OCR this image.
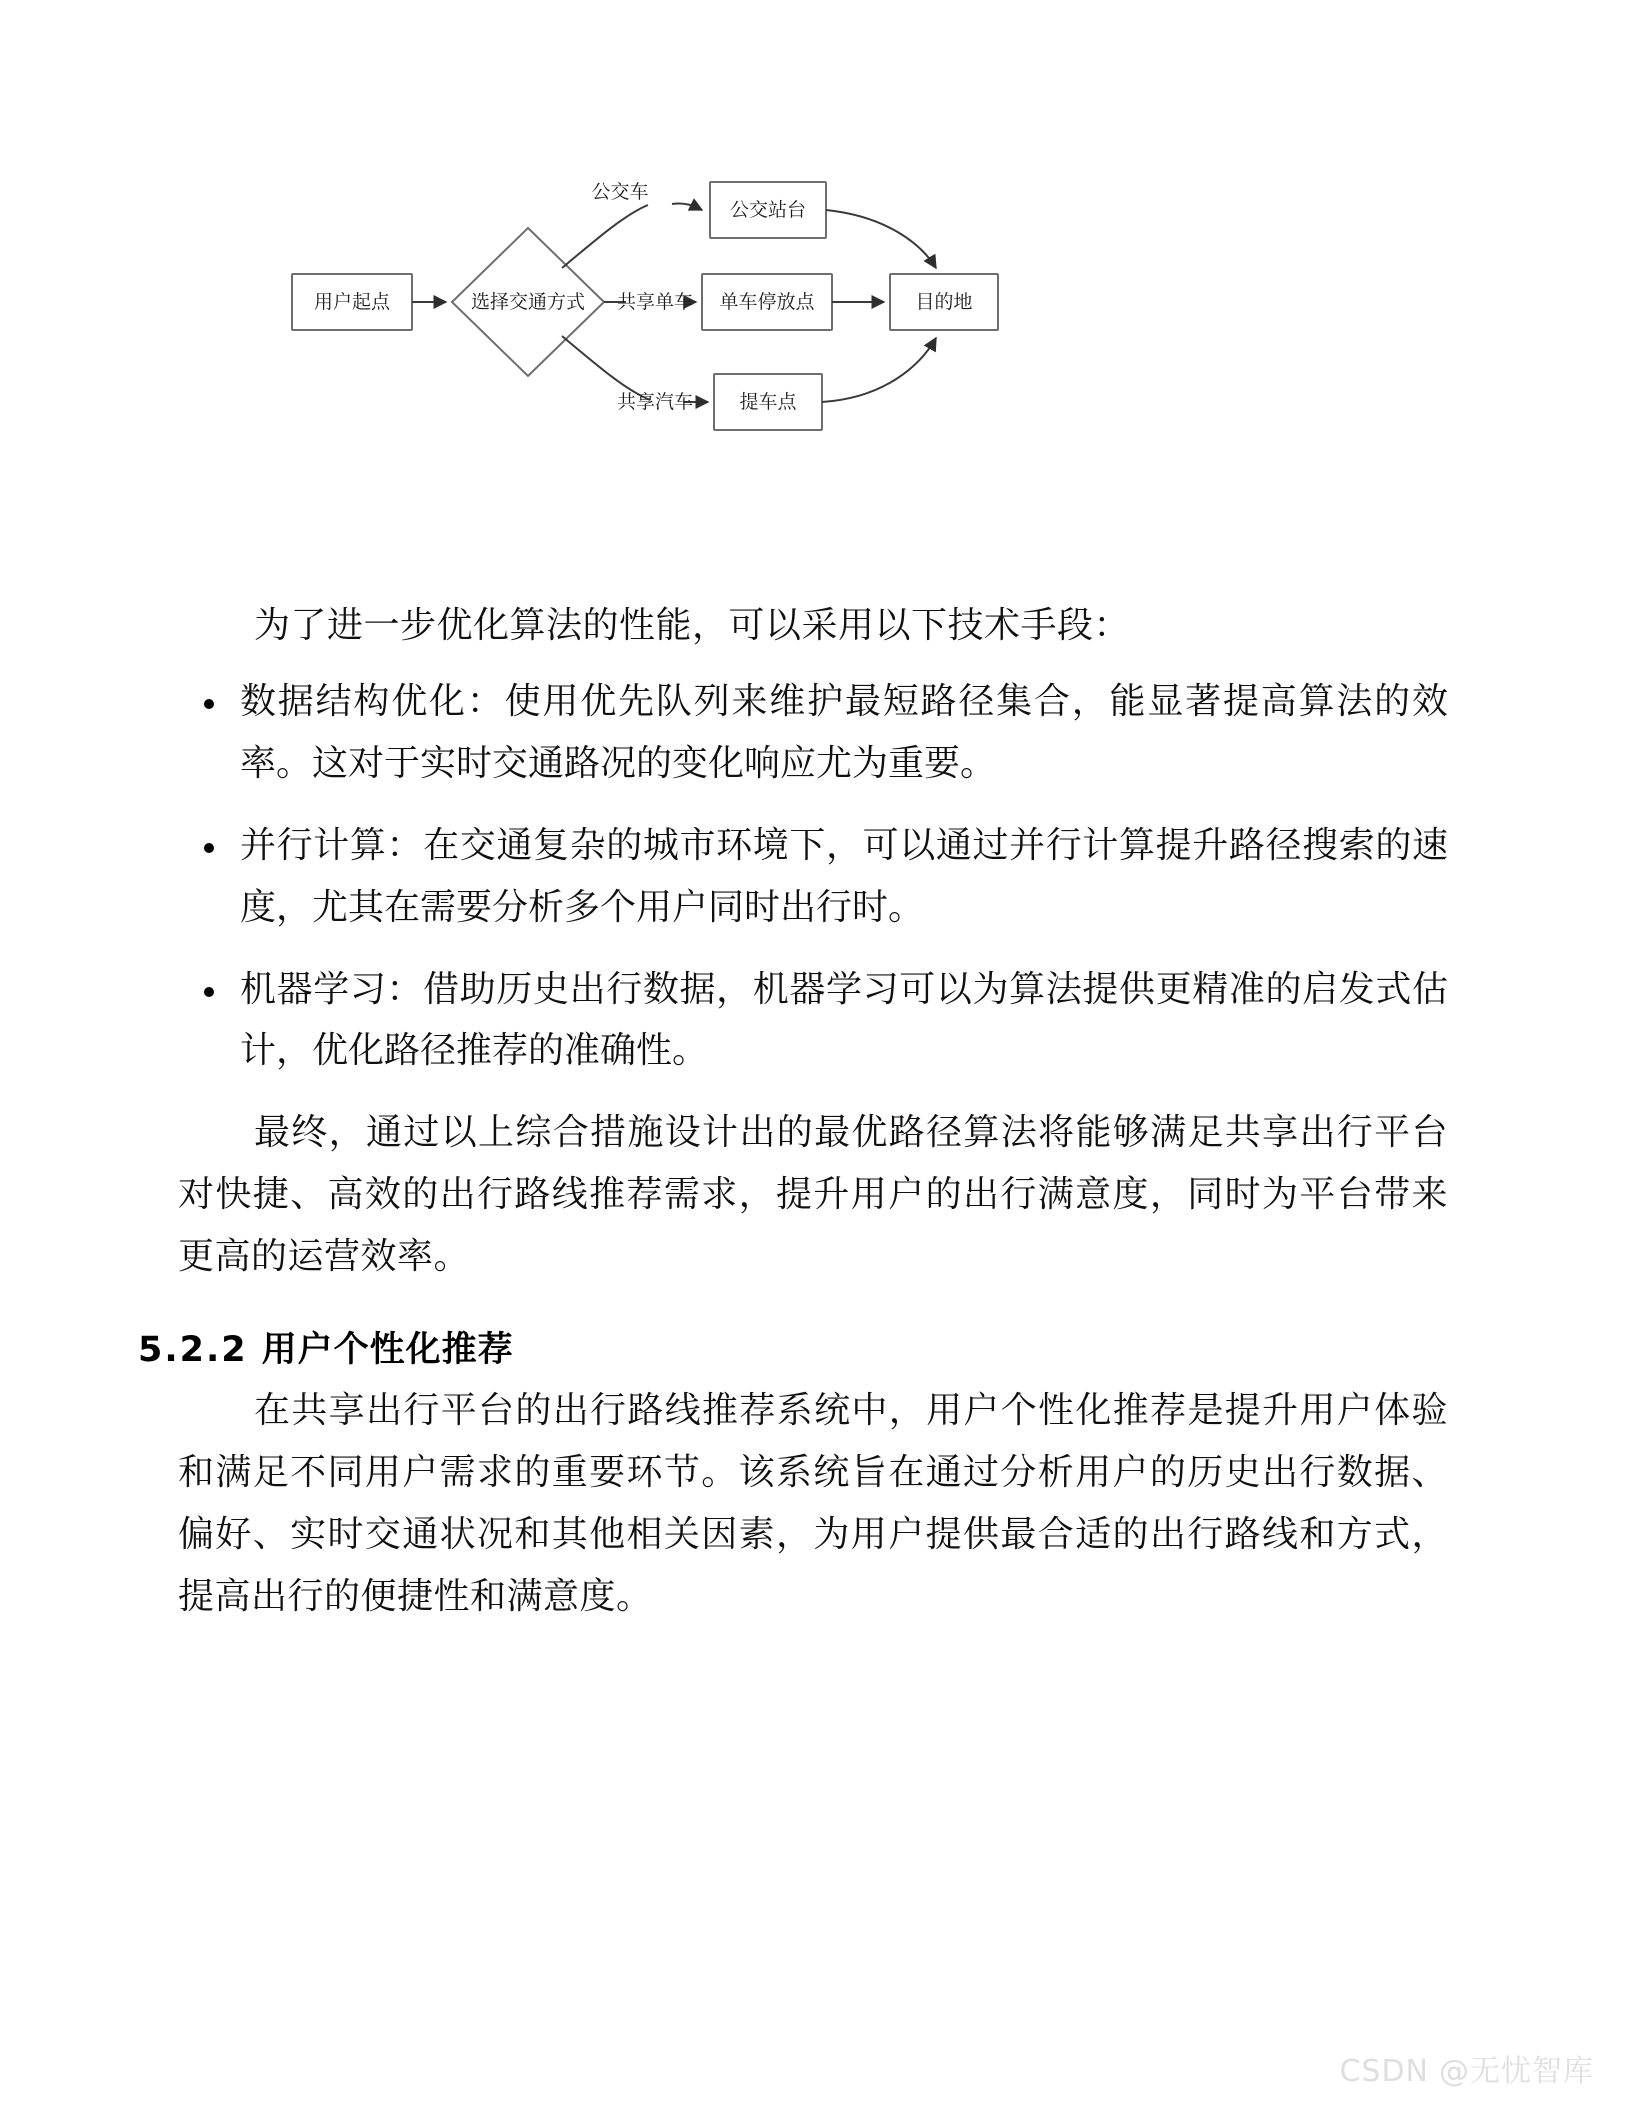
用户起点	选择交通方式
公交站台
单车停放点
提车点
目的地
公交车
共享单车
共享汽车

为了进一步优化算法的性能，可以采用以下技术手段：

数据结构优化：使用优先队列来维护最短路径集合，能显著提高算法的效率。这对于实时交通路况的变化响应尤为重要。
并行计算：在交通复杂的城市环境下，可以通过并行计算提升路径搜索的速度，尤其在需要分析多个用户同时出行时。
机器学习：借助历史出行数据，机器学习可以为算法提供更精准的启发式估计，优化路径推荐的准确性。

最终，通过以上综合措施设计出的最优路径算法将能够满足共享出行平台对快捷、高效的出行路线推荐需求，提升用户的出行满意度，同时为平台带来更高的运营效率。

5.2.2 用户个性化推荐

在共享出行平台的出行路线推荐系统中，用户个性化推荐是提升用户体验和满足不同用户需求的重要环节。该系统旨在通过分析用户的历史出行数据、偏好、实时交通状况和其他相关因素，为用户提供最合适的出行路线和方式，提高出行的便捷性和满意度。

CSDN @无忧智库
